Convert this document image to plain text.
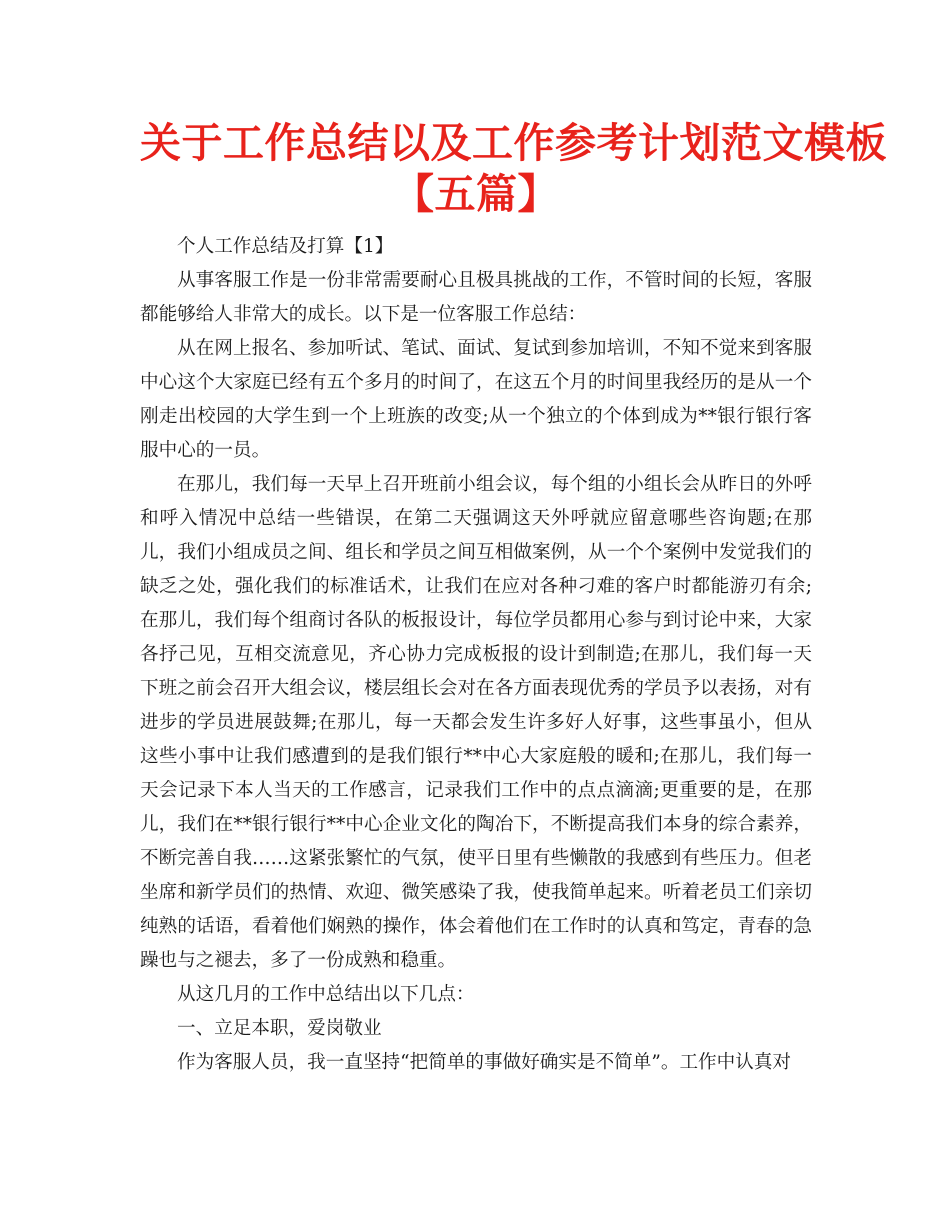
关于工作总结以及工作参考计划范文模板
【五篇】

个人工作总结及打算【1】

从事客服工作是一份非常需要耐心且极具挑战的工作，不管时间的长短，客服都能够给人非常大的成长。以下是一位客服工作总结：

从在网上报名、参加听试、笔试、面试、复试到参加培训，不知不觉来到客服中心这个大家庭已经有五个多月的时间了，在这五个月的时间里我经历的是从一个刚走出校园的大学生到一个上班族的改变;从一个独立的个体到成为**银行银行客服中心的一员。

在那儿，我们每一天早上召开班前小组会议，每个组的小组长会从昨日的外呼和呼入情况中总结一些错误，在第二天强调这天外呼就应留意哪些咨询题;在那儿，我们小组成员之间、组长和学员之间互相做案例，从一个个案例中发觉我们的缺乏之处，强化我们的标准话术，让我们在应对各种刁难的客户时都能游刃有余;在那儿，我们每个组商讨各队的板报设计，每位学员都用心参与到讨论中来，大家各抒己见，互相交流意见，齐心协力完成板报的设计到制造;在那儿，我们每一天下班之前会召开大组会议，楼层组长会对在各方面表现优秀的学员予以表扬，对有进步的学员进展鼓舞;在那儿，每一天都会发生许多好人好事，这些事虽小，但从这些小事中让我们感遭到的是我们银行**中心大家庭般的暖和;在那儿，我们每一天会记录下本人当天的工作感言，记录我们工作中的点点滴滴;更重要的是，在那儿，我们在**银行银行**中心企业文化的陶冶下，不断提高我们本身的综合素养，不断完善自我……这紧张繁忙的气氛，使平日里有些懒散的我感到有些压力。但老坐席和新学员们的热情、欢迎、微笑感染了我，使我简单起来。听着老员工们亲切纯熟的话语，看着他们娴熟的操作，体会着他们在工作时的认真和笃定，青春的急躁也与之褪去，多了一份成熟和稳重。

从这几月的工作中总结出以下几点：

一、立足本职，爱岗敬业

作为客服人员，我一直坚持“把简单的事做好确实是不简单”。工作中认真对
